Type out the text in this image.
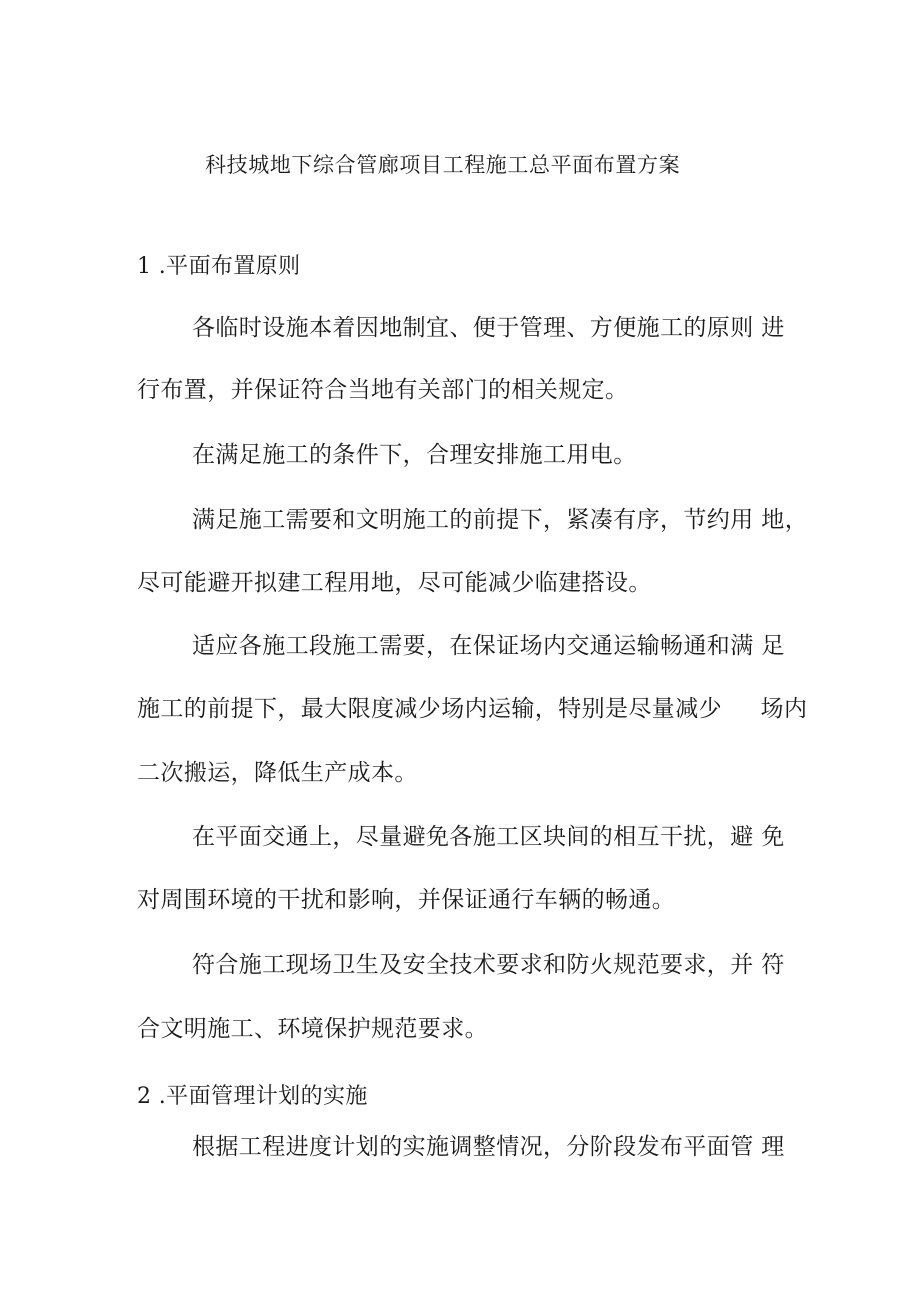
科技城地下综合管廊项目工程施工总平面布置方案
1 .平面布置原则
各临时设施本着因地制宜、便于管理、方便施工的原则 进
行布置，并保证符合当地有关部门的相关规定。
在满足施工的条件下，合理安排施工用电。
满足施工需要和文明施工的前提下，紧凑有序，节约用 地，
尽可能避开拟建工程用地，尽可能减少临建搭设。
适应各施工段施工需要，在保证场内交通运输畅通和满 足
施工的前提下，最大限度减少场内运输，特别是尽量减少     场内
二次搬运，降低生产成本。
在平面交通上，尽量避免各施工区块间的相互干扰，避 免
对周围环境的干扰和影响，并保证通行车辆的畅通。
符合施工现场卫生及安全技术要求和防火规范要求，并 符
合文明施工、环境保护规范要求。
2 .平面管理计划的实施
根据工程进度计划的实施调整情况，分阶段发布平面管 理
